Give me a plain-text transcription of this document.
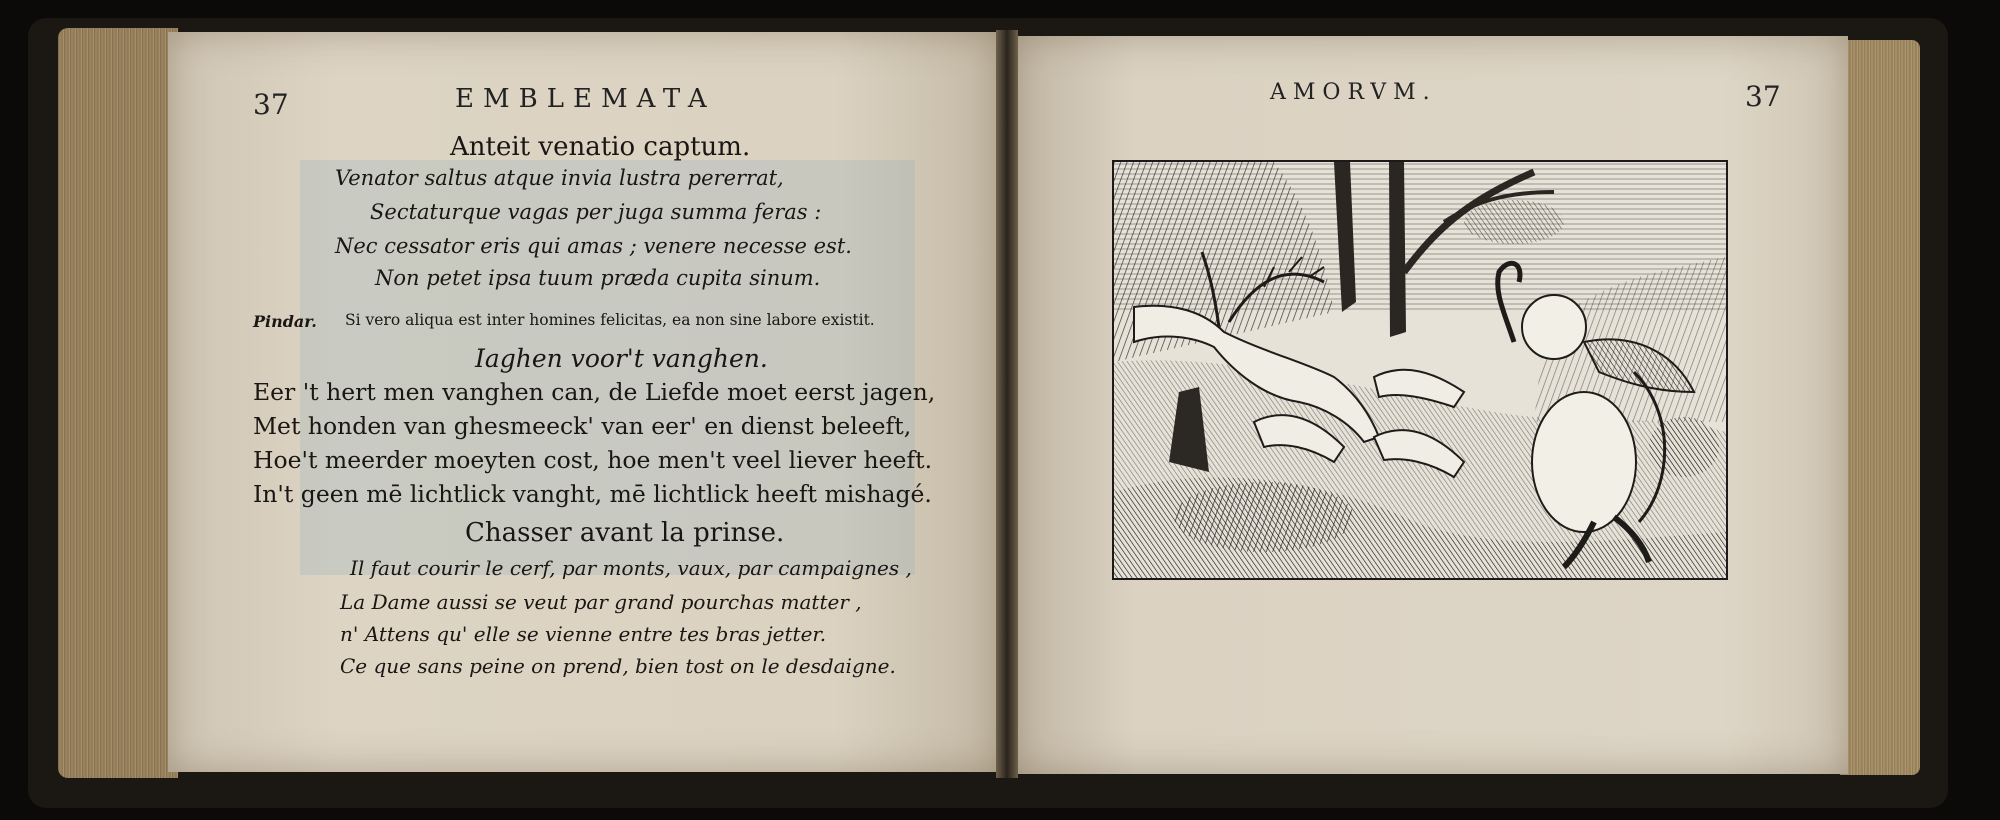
37	EMBLEMATA
Anteit venatio captum.
Venator saltus atque invia lustra pererrat,
Sectaturque vagas per juga summa feras :
Nec cessator eris qui amas ; venere necesse est.
Non petet ipsa tuum præda cupita sinum.
Pindar. Si vero aliqua est inter homines felicitas, ea non sine labore existit.
Iaghen voor't vanghen.
Eer 't hert men vanghen can, de Liefde moet eerst jagen,
Met honden van ghesmeeck' van eer' en dienst beleeft,
Hoe't meerder moeyten cost, hoe men't veel liever heeft.
In't geen mē lichtlick vanght, mē lichtlick heeft mishagé.
Chasser avant la prinse.
Il faut courir le cerf, par monts, vaux, par campaignes ,
La Dame aussi se veut par grand pourchas matter ,
n' Attens qu' elle se vienne entre tes bras jetter.
Ce que sans peine on prend, bien tost on le desdaigne.
AMORVM.	37
